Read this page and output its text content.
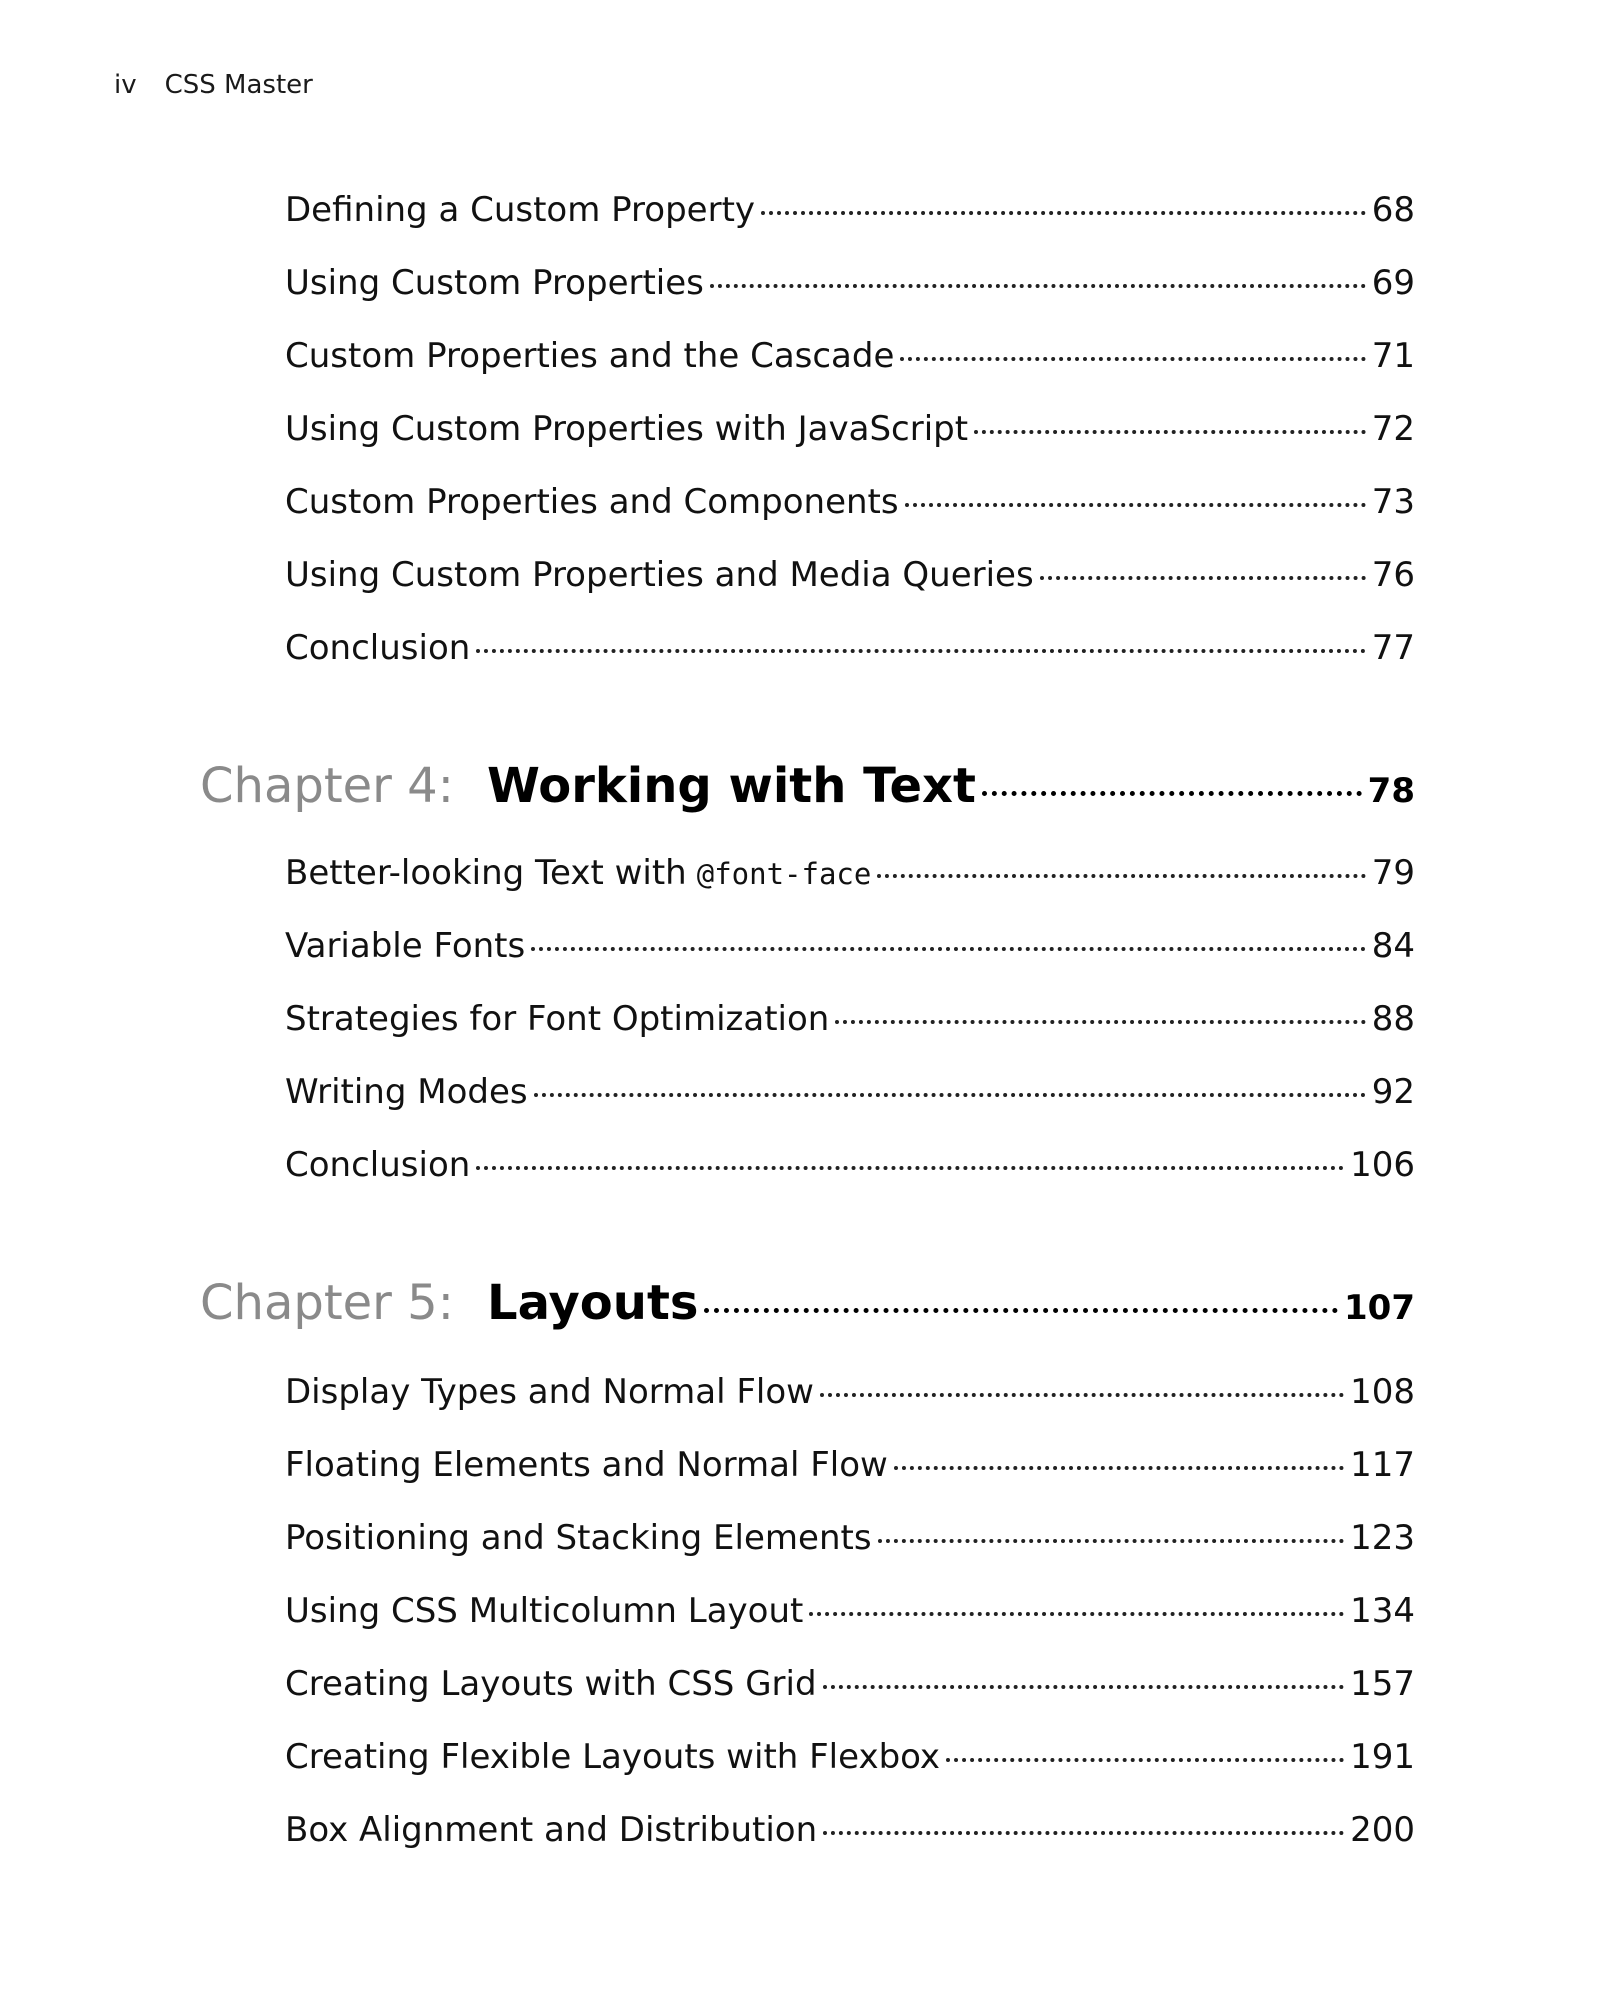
iv CSS Master
Defining a Custom Property	68
Using Custom Properties	69
Custom Properties and the Cascade	71
Using Custom Properties with JavaScript	72
Custom Properties and Components	73
Using Custom Properties and Media Queries	76
Conclusion	77
Chapter 4: Working with Text	78
Better-looking Text with @font-face	79
Variable Fonts	84
Strategies for Font Optimization	88
Writing Modes	92
Conclusion	106
Chapter 5: Layouts	107
Display Types and Normal Flow	108
Floating Elements and Normal Flow	117
Positioning and Stacking Elements	123
Using CSS Multicolumn Layout	134
Creating Layouts with CSS Grid	157
Creating Flexible Layouts with Flexbox	191
Box Alignment and Distribution	200
